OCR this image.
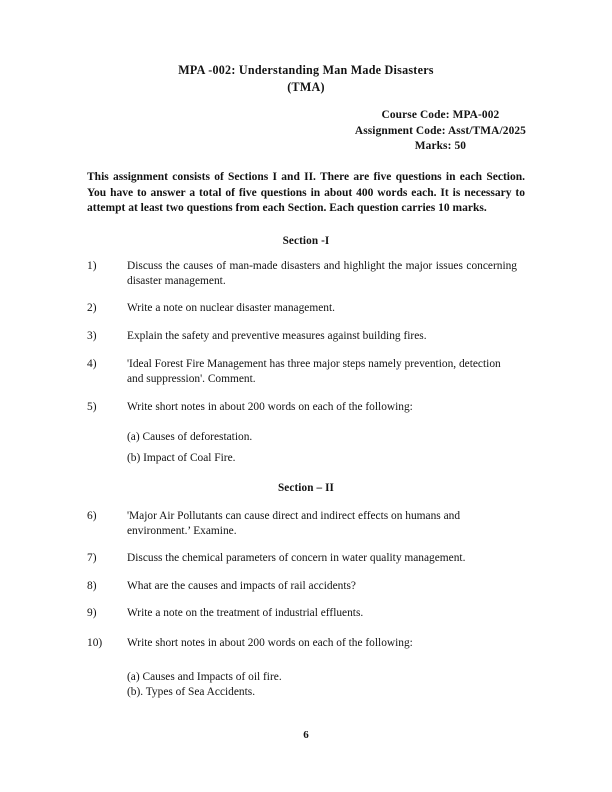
MPA -002: Understanding Man Made Disasters
(TMA)
Course Code: MPA-002
Assignment Code: Asst/TMA/2025
Marks: 50
This assignment consists of Sections I and II. There are five questions in each Section. You have to answer a total of five questions in about 400 words each. It is necessary to attempt at least two questions from each Section. Each question carries 10 marks.
Section -I
1)	Discuss the causes of man-made disasters and highlight the major issues concerning disaster management.
2)	Write a note on nuclear disaster management.
3)	Explain the safety and preventive measures against building fires.
4)	'Ideal Forest Fire Management has three major steps namely prevention, detection and suppression'. Comment.
5)	Write short notes in about 200 words on each of the following:
(a) Causes of deforestation.
(b) Impact of Coal Fire.
Section – II
6)	'Major Air Pollutants can cause direct and indirect effects on humans and environment.’ Examine.
7)	Discuss the chemical parameters of concern in water quality management.
8)	What are the causes and impacts of rail accidents?
9)	Write a note on the treatment of industrial effluents.
10)	Write short notes in about 200 words on each of the following:
(a) Causes and Impacts of oil fire.
(b). Types of Sea Accidents.
6
